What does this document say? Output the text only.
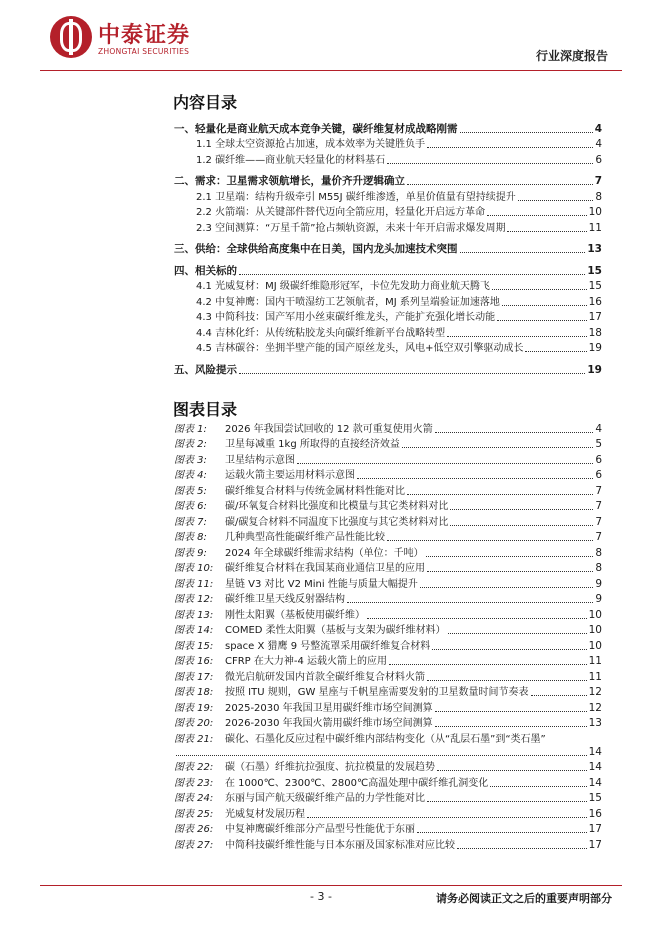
中泰证券
ZHONGTAI SECURITIES	行业深度报告
内容目录
一、轻量化是商业航天成本竞争关键，碳纤维复材成战略刚需	4
1.1 全球太空资源抢占加速，成本效率为关键胜负手	4
1.2 碳纤维——商业航天轻量化的材料基石	6
二、需求：卫星需求领航增长，量价齐升逻辑确立	7
2.1 卫星端：结构升级牵引 M55J 碳纤维渗透，单星价值量有望持续提升	8
2.2 火箭端：从关键部件替代迈向全箭应用，轻量化开启远方革命	10
2.3 空间测算：“万星千箭”抢占频轨资源，未来十年开启需求爆发周期	11
三、供给：全球供给高度集中在日美，国内龙头加速技术突围	13
四、相关标的	15
4.1 光威复材：MJ 级碳纤维隐形冠军，卡位先发助力商业航天腾飞	15
4.2 中复神鹰：国内干喷湿纺工艺领航者，MJ 系列呈端验证加速落地	16
4.3 中简科技：国产军用小丝束碳纤维龙头，产能扩充强化增长动能	17
4.4 吉林化纤：从传统粘胶龙头向碳纤维新平台战略转型	18
4.5 吉林碳谷：坐拥半壁产能的国产原丝龙头，风电+低空双引擎驱动成长	19
五、风险提示	19
图表目录
图表 1:	2026 年我国尝试回收的 12 款可重复使用火箭	4
图表 2:	卫星每减重 1kg 所取得的直接经济效益	5
图表 3:	卫星结构示意图	6
图表 4:	运载火箭主要运用材料示意图	6
图表 5:	碳纤维复合材料与传统金属材料性能对比	7
图表 6:	碳/环氧复合材料比强度和比模量与其它类材料对比	7
图表 7:	碳/碳复合材料不同温度下比强度与其它类材料对比	7
图表 8:	几种典型高性能碳纤维产品性能比较	7
图表 9:	2024 年全球碳纤维需求结构（单位：千吨）	8
图表 10:	碳纤维复合材料在我国某商业通信卫星的应用	8
图表 11:	星链 V3 对比 V2 Mini 性能与质量大幅提升	9
图表 12:	碳纤维卫星天线反射器结构	9
图表 13:	刚性太阳翼（基板使用碳纤维）	10
图表 14:	COMED 柔性太阳翼（基板与支架为碳纤维材料）	10
图表 15:	space X 猎鹰 9 号整流罩采用碳纤维复合材料	10
图表 16:	CFRP 在大力神-4 运载火箭上的应用	11
图表 17:	微光启航研发国内首款全碳纤维复合材料火箭	11
图表 18:	按照 ITU 规则，GW 星座与千帆星座需要发射的卫星数量时间节奏表	12
图表 19:	2025-2030 年我国卫星用碳纤维市场空间测算	12
图表 20:	2026-2030 年我国火箭用碳纤维市场空间测算	13
图表 21:	碳化、石墨化反应过程中碳纤维内部结构变化（从“乱层石墨”到“类石墨”
14
图表 22:	碳（石墨）纤维抗拉强度、抗拉模量的发展趋势	14
图表 23:	在 1000℃、2300℃、2800℃高温处理中碳纤维孔洞变化	14
图表 24:	东丽与国产航天级碳纤维产品的力学性能对比	15
图表 25:	光威复材发展历程	16
图表 26:	中复神鹰碳纤维部分产品型号性能优于东丽	17
图表 27:	中简科技碳纤维性能与日本东丽及国家标准对应比较	17
- 3 -	请务必阅读正文之后的重要声明部分
